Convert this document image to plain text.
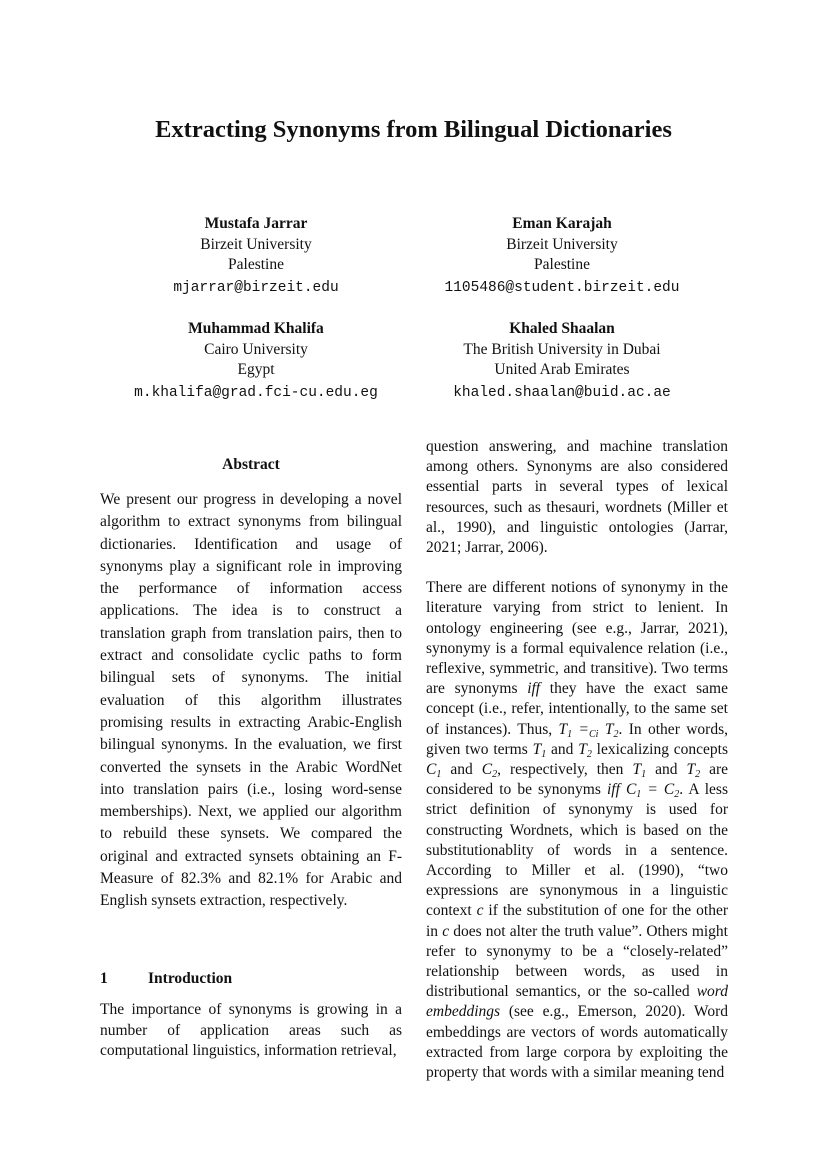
Extracting Synonyms from Bilingual Dictionaries
Mustafa Jarrar
Birzeit University
Palestine
mjarrar@birzeit.edu
Eman Karajah
Birzeit University
Palestine
1105486@student.birzeit.edu
Muhammad Khalifa
Cairo University
Egypt
m.khalifa@grad.fci-cu.edu.eg
Khaled Shaalan
The British University in Dubai
United Arab Emirates
khaled.shaalan@buid.ac.ae
Abstract

We present our progress in developing a novel algorithm to extract synonyms from bilingual dictionaries. Identification and usage of synonyms play a significant role in improving the performance of information access applications. The idea is to construct a translation graph from translation pairs, then to extract and consolidate cyclic paths to form bilingual sets of synonyms. The initial evaluation of this algorithm illustrates promising results in extracting Arabic-English bilingual synonyms. In the evaluation, we first converted the synsets in the Arabic WordNet into translation pairs (i.e., losing word-sense memberships). Next, we applied our algorithm to rebuild these synsets. We compared the original and extracted synsets obtaining an F-Measure of 82.3% and 82.1% for Arabic and English synsets extraction, respectively.

1	Introduction

The importance of synonyms is growing in a number of application areas such as computational linguistics, information retrieval,

question answering, and machine translation among others. Synonyms are also considered essential parts in several types of lexical resources, such as thesauri, wordnets (Miller et al., 1990), and linguistic ontologies (Jarrar, 2021; Jarrar, 2006).

There are different notions of synonymy in the literature varying from strict to lenient. In ontology engineering (see e.g., Jarrar, 2021), synonymy is a formal equivalence relation (i.e., reflexive, symmetric, and transitive). Two terms are synonyms iff they have the exact same concept (i.e., refer, intentionally, to the same set of instances). Thus, $T_1 =_{Ci}$ $T_2$. In other words, given two terms $T_1$ and $T_2$ lexicalizing concepts $C_1$ and $C_2$, respectively, then $T_1$ and $T_2$ are considered to be synonyms iff $C_1 = C_2$. A less strict definition of synonymy is used for constructing Wordnets, which is based on the substitutionablity of words in a sentence. According to Miller et al. (1990), “two expressions are synonymous in a linguistic context c if the substitution of one for the other in c does not alter the truth value”. Others might refer to synonymy to be a “closely-related” relationship between words, as used in distributional semantics, or the so-called word embeddings (see e.g., Emerson, 2020). Word embeddings are vectors of words automatically extracted from large corpora by exploiting the property that words with a similar meaning tend
